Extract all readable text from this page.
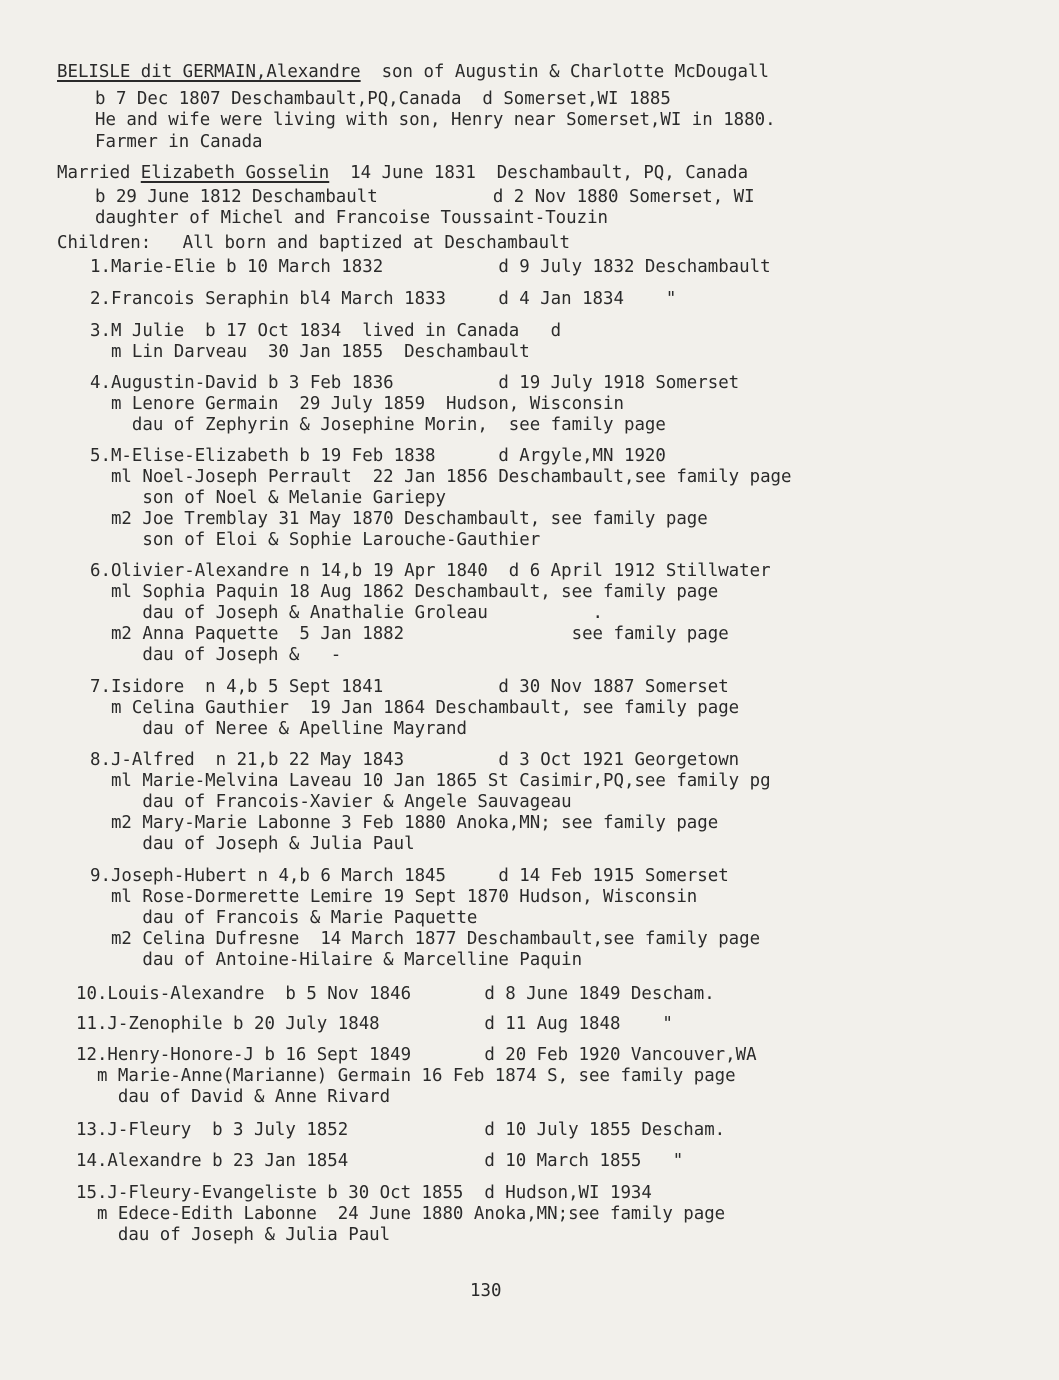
BELISLE dit GERMAIN,Alexandre  son of Augustin & Charlotte McDougall
b 7 Dec 1807 Deschambault,PQ,Canada  d Somerset,WI 1885
He and wife were living with son, Henry near Somerset,WI in 1880.
Farmer in Canada
Married Elizabeth Gosselin  14 June 1831  Deschambault, PQ, Canada
b 29 June 1812 Deschambault           d 2 Nov 1880 Somerset, WI
daughter of Michel and Francoise Toussaint-Touzin
Children:   All born and baptized at Deschambault
1.Marie-Elie b 10 March 1832           d 9 July 1832 Deschambault
2.Francois Seraphin bl4 March 1833     d 4 Jan 1834    "
3.M Julie  b 17 Oct 1834  lived in Canada   d
m Lin Darveau  30 Jan 1855  Deschambault
4.Augustin-David b 3 Feb 1836          d 19 July 1918 Somerset
m Lenore Germain  29 July 1859  Hudson, Wisconsin
dau of Zephyrin & Josephine Morin,  see family page
5.M-Elise-Elizabeth b 19 Feb 1838      d Argyle,MN 1920
ml Noel-Joseph Perrault  22 Jan 1856 Deschambault,see family page
son of Noel & Melanie Gariepy
m2 Joe Tremblay 31 May 1870 Deschambault, see family page
son of Eloi & Sophie Larouche-Gauthier
6.Olivier-Alexandre n 14,b 19 Apr 1840  d 6 April 1912 Stillwater
ml Sophia Paquin 18 Aug 1862 Deschambault, see family page
dau of Joseph & Anathalie Groleau          .
m2 Anna Paquette  5 Jan 1882                see family page
dau of Joseph &   -
7.Isidore  n 4,b 5 Sept 1841           d 30 Nov 1887 Somerset
m Celina Gauthier  19 Jan 1864 Deschambault, see family page
dau of Neree & Apelline Mayrand
8.J-Alfred  n 21,b 22 May 1843         d 3 Oct 1921 Georgetown
ml Marie-Melvina Laveau 10 Jan 1865 St Casimir,PQ,see family pg
dau of Francois-Xavier & Angele Sauvageau
m2 Mary-Marie Labonne 3 Feb 1880 Anoka,MN; see family page
dau of Joseph & Julia Paul
9.Joseph-Hubert n 4,b 6 March 1845     d 14 Feb 1915 Somerset
ml Rose-Dormerette Lemire 19 Sept 1870 Hudson, Wisconsin
dau of Francois & Marie Paquette
m2 Celina Dufresne  14 March 1877 Deschambault,see family page
dau of Antoine-Hilaire & Marcelline Paquin
10.Louis-Alexandre  b 5 Nov 1846       d 8 June 1849 Descham.
11.J-Zenophile b 20 July 1848          d 11 Aug 1848    "
12.Henry-Honore-J b 16 Sept 1849       d 20 Feb 1920 Vancouver,WA
m Marie-Anne(Marianne) Germain 16 Feb 1874 S, see family page
dau of David & Anne Rivard
13.J-Fleury  b 3 July 1852             d 10 July 1855 Descham.
14.Alexandre b 23 Jan 1854             d 10 March 1855   "
15.J-Fleury-Evangeliste b 30 Oct 1855  d Hudson,WI 1934
m Edece-Edith Labonne  24 June 1880 Anoka,MN;see family page
dau of Joseph & Julia Paul
130
